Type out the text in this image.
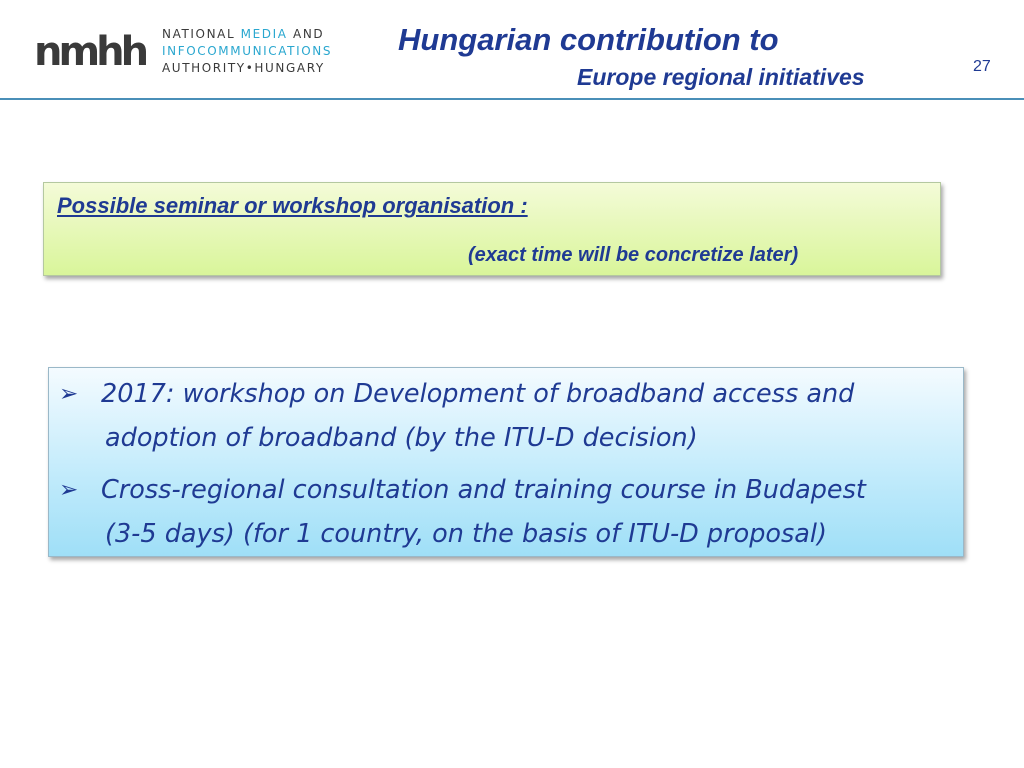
nmhh NATIONAL MEDIA AND
INFOCOMMUNICATIONS
AUTHORITY•HUNGARY
Hungarian contribution to
Europe regional initiatives	27
Possible seminar or workshop organisation :
(exact time will be concretize later)
➢ 2017: workshop on Development of broadband access and
adoption of broadband (by the ITU-D decision)
➢ Cross-regional consultation and training course in Budapest
(3-5 days) (for 1 country, on the basis of ITU-D proposal)
